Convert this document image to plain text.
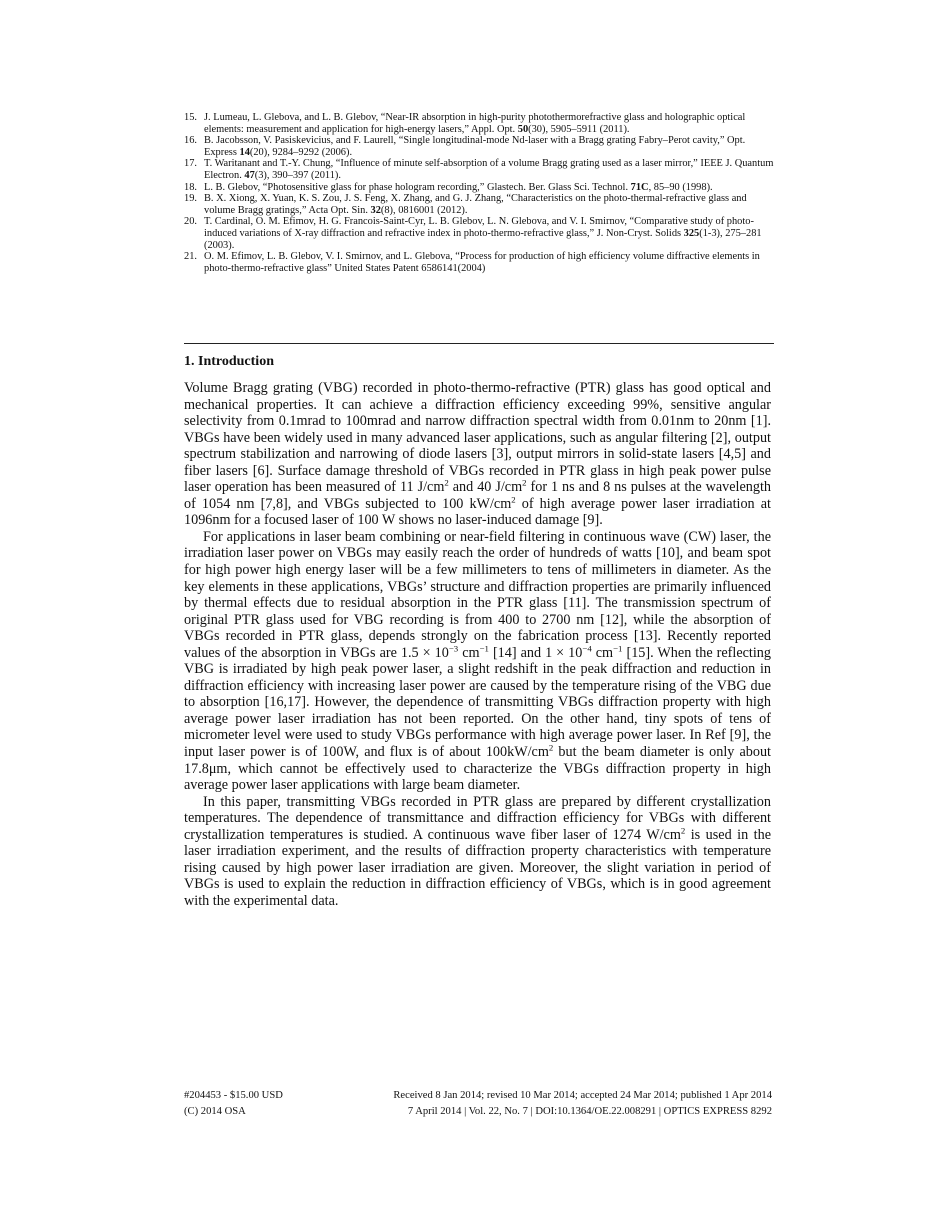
15. J. Lumeau, L. Glebova, and L. B. Glebov, “Near-IR absorption in high-purity photothermorefractive glass and holographic optical elements: measurement and application for high-energy lasers,” Appl. Opt. 50(30), 5905–5911 (2011).

16. B. Jacobsson, V. Pasiskevicius, and F. Laurell, “Single longitudinal-mode Nd-laser with a Bragg grating Fabry–Perot cavity,” Opt. Express 14(20), 9284–9292 (2006).

17. T. Waritanant and T.-Y. Chung, “Influence of minute self-absorption of a volume Bragg grating used as a laser mirror,” IEEE J. Quantum Electron. 47(3), 390–397 (2011).

18. L. B. Glebov, “Photosensitive glass for phase hologram recording,” Glastech. Ber. Glass Sci. Technol. 71C, 85–90 (1998).

19. B. X. Xiong, X. Yuan, K. S. Zou, J. S. Feng, X. Zhang, and G. J. Zhang, “Characteristics on the photo-thermal-refractive glass and volume Bragg gratings,” Acta Opt. Sin. 32(8), 0816001 (2012).

20. T. Cardinal, O. M. Efimov, H. G. Francois-Saint-Cyr, L. B. Glebov, L. N. Glebova, and V. I. Smirnov, “Comparative study of photo-induced variations of X-ray diffraction and refractive index in photo-thermo-refractive glass,” J. Non-Cryst. Solids 325(1-3), 275–281 (2003).

21. O. M. Efimov, L. B. Glebov, V. I. Smirnov, and L. Glebova, “Process for production of high efficiency volume diffractive elements in photo-thermo-refractive glass” United States Patent 6586141(2004)

1. Introduction

Volume Bragg grating (VBG) recorded in photo-thermo-refractive (PTR) glass has good optical and mechanical properties. It can achieve a diffraction efficiency exceeding 99%, sensitive angular selectivity from 0.1mrad to 100mrad and narrow diffraction spectral width from 0.01nm to 20nm [1]. VBGs have been widely used in many advanced laser applications, such as angular filtering [2], output spectrum stabilization and narrowing of diode lasers [3], output mirrors in solid-state lasers [4,5] and fiber lasers [6]. Surface damage threshold of VBGs recorded in PTR glass in high peak power pulse laser operation has been measured of 11 $J/cm^2$ and 40 $J/cm^2$ for 1 ns and 8 ns pulses at the wavelength of 1054 nm [7,8], and VBGs subjected to 100 $kW/cm^2$ of high average power laser irradiation at 1096nm for a focused laser of 100 W shows no laser-induced damage [9].

For applications in laser beam combining or near-field filtering in continuous wave (CW) laser, the irradiation laser power on VBGs may easily reach the order of hundreds of watts [10], and beam spot for high power high energy laser will be a few millimeters to tens of millimeters in diameter. As the key elements in these applications, VBGs’ structure and diffraction properties are primarily influenced by thermal effects due to residual absorption in the PTR glass [11]. The transmission spectrum of original PTR glass used for VBG recording is from 400 to 2700 nm [12], while the absorption of VBGs recorded in PTR glass, depends strongly on the fabrication process [13]. Recently reported values of the absorption in VBGs are $1.5 \times 10^{-3}$ $cm^{-1}$ [14] and $1 \times 10^{-4}$ $cm^{-1}$ [15]. When the reflecting VBG is irradiated by high peak power laser, a slight redshift in the peak diffraction and reduction in diffraction efficiency with increasing laser power are caused by the temperature rising of the VBG due to absorption [16,17]. However, the dependence of transmitting VBGs diffraction property with high average power laser irradiation has not been reported. On the other hand, tiny spots of tens of micrometer level were used to study VBGs performance with high average power laser. In Ref [9], the input laser power is of 100W, and flux is of about $100kW/cm^2$ but the beam diameter is only about 17.8μm, which cannot be effectively used to characterize the VBGs diffraction property in high average power laser applications with large beam diameter.

In this paper, transmitting VBGs recorded in PTR glass are prepared by different crystallization temperatures. The dependence of transmittance and diffraction efficiency for VBGs with different crystallization temperatures is studied. A continuous wave fiber laser of 1274 $W/cm^2$ is used in the laser irradiation experiment, and the results of diffraction property characteristics with temperature rising caused by high power laser irradiation are given. Moreover, the slight variation in period of VBGs is used to explain the reduction in diffraction efficiency of VBGs, which is in good agreement with the experimental data.

#204453 - $15.00 USD	Received 8 Jan 2014; revised 10 Mar 2014; accepted 24 Mar 2014; published 1 Apr 2014
(C) 2014 OSA	7 April 2014 | Vol. 22, No. 7 | DOI:10.1364/OE.22.008291 | OPTICS EXPRESS 8292
